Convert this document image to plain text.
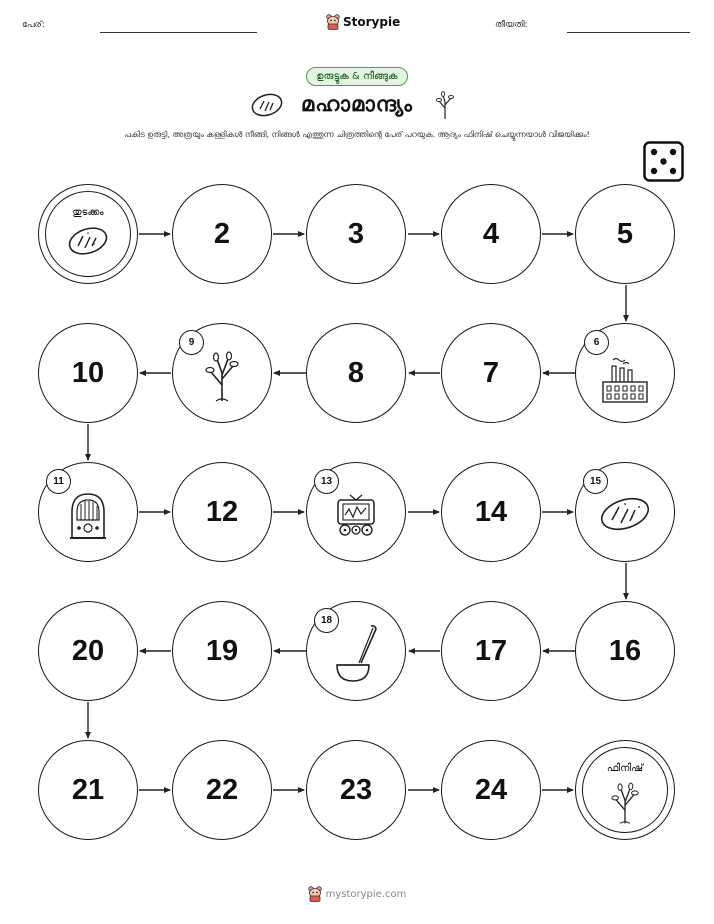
പേര്:	Storypie	തീയതി:
ഉരുട്ടുക & നീങ്ങുക
മഹാമാന്ദ്യം
പകിട ഉരുട്ടി, അത്രയും കള്ളികൾ നീങ്ങി, നിങ്ങൾ എത്തുന്ന ചിത്രത്തിന്റെ പേര് പറയുക. ആദ്യം ഫിനിഷ് ചെയ്യുന്നയാൾ വിജയിക്കും!
തുടക്കം
2	3	4	5
10
9
8	7
6
11
12
13
14
15
20	19
18
17	16
21	22	23	24
ഫിനിഷ്
mystorypie.com
